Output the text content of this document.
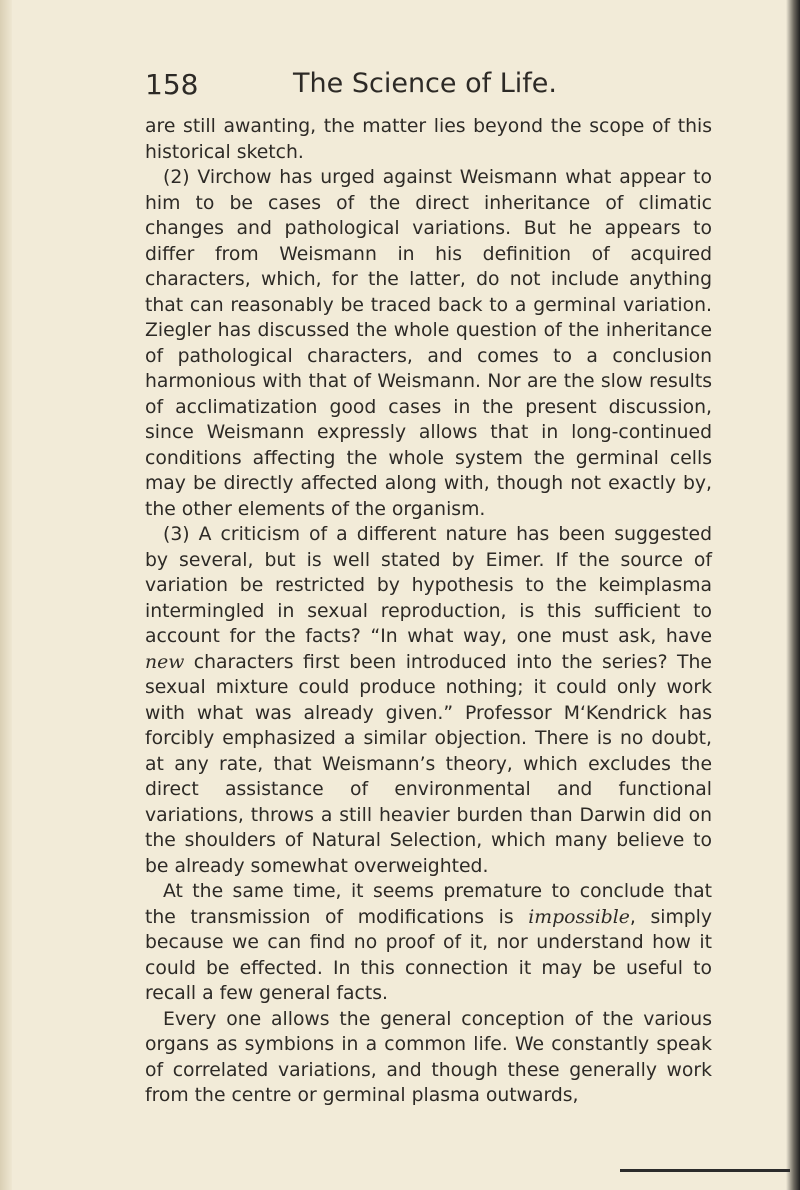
158	The Science of Life.

are still awanting, the matter lies beyond the scope of this historical sketch.

(2) Virchow has urged against Weismann what appear to him to be cases of the direct inheritance of climatic changes and pathological variations. But he appears to differ from Weismann in his definition of acquired characters, which, for the latter, do not include anything that can reasonably be traced back to a germinal variation. Ziegler has discussed the whole question of the inheritance of pathological characters, and comes to a conclusion harmonious with that of Weismann. Nor are the slow results of acclimatization good cases in the present discussion, since Weismann expressly allows that in long-continued conditions affecting the whole system the germinal cells may be directly affected along with, though not exactly by, the other elements of the organism.

(3) A criticism of a different nature has been suggested by several, but is well stated by Eimer. If the source of variation be restricted by hypothesis to the keimplasma intermingled in sexual reproduction, is this sufficient to account for the facts? “In what way, one must ask, have new characters first been introduced into the series? The sexual mixture could produce nothing; it could only work with what was already given.” Professor M‘Kendrick has forcibly emphasized a similar objection. There is no doubt, at any rate, that Weismann’s theory, which excludes the direct assistance of environmental and functional variations, throws a still heavier burden than Darwin did on the shoulders of Natural Selection, which many believe to be already somewhat overweighted.

At the same time, it seems premature to conclude that the transmission of modifications is impossible, simply because we can find no proof of it, nor understand how it could be effected. In this connection it may be useful to recall a few general facts.

Every one allows the general conception of the various organs as symbions in a common life. We constantly speak of correlated variations, and though these generally work from the centre or germinal plasma outwards,
